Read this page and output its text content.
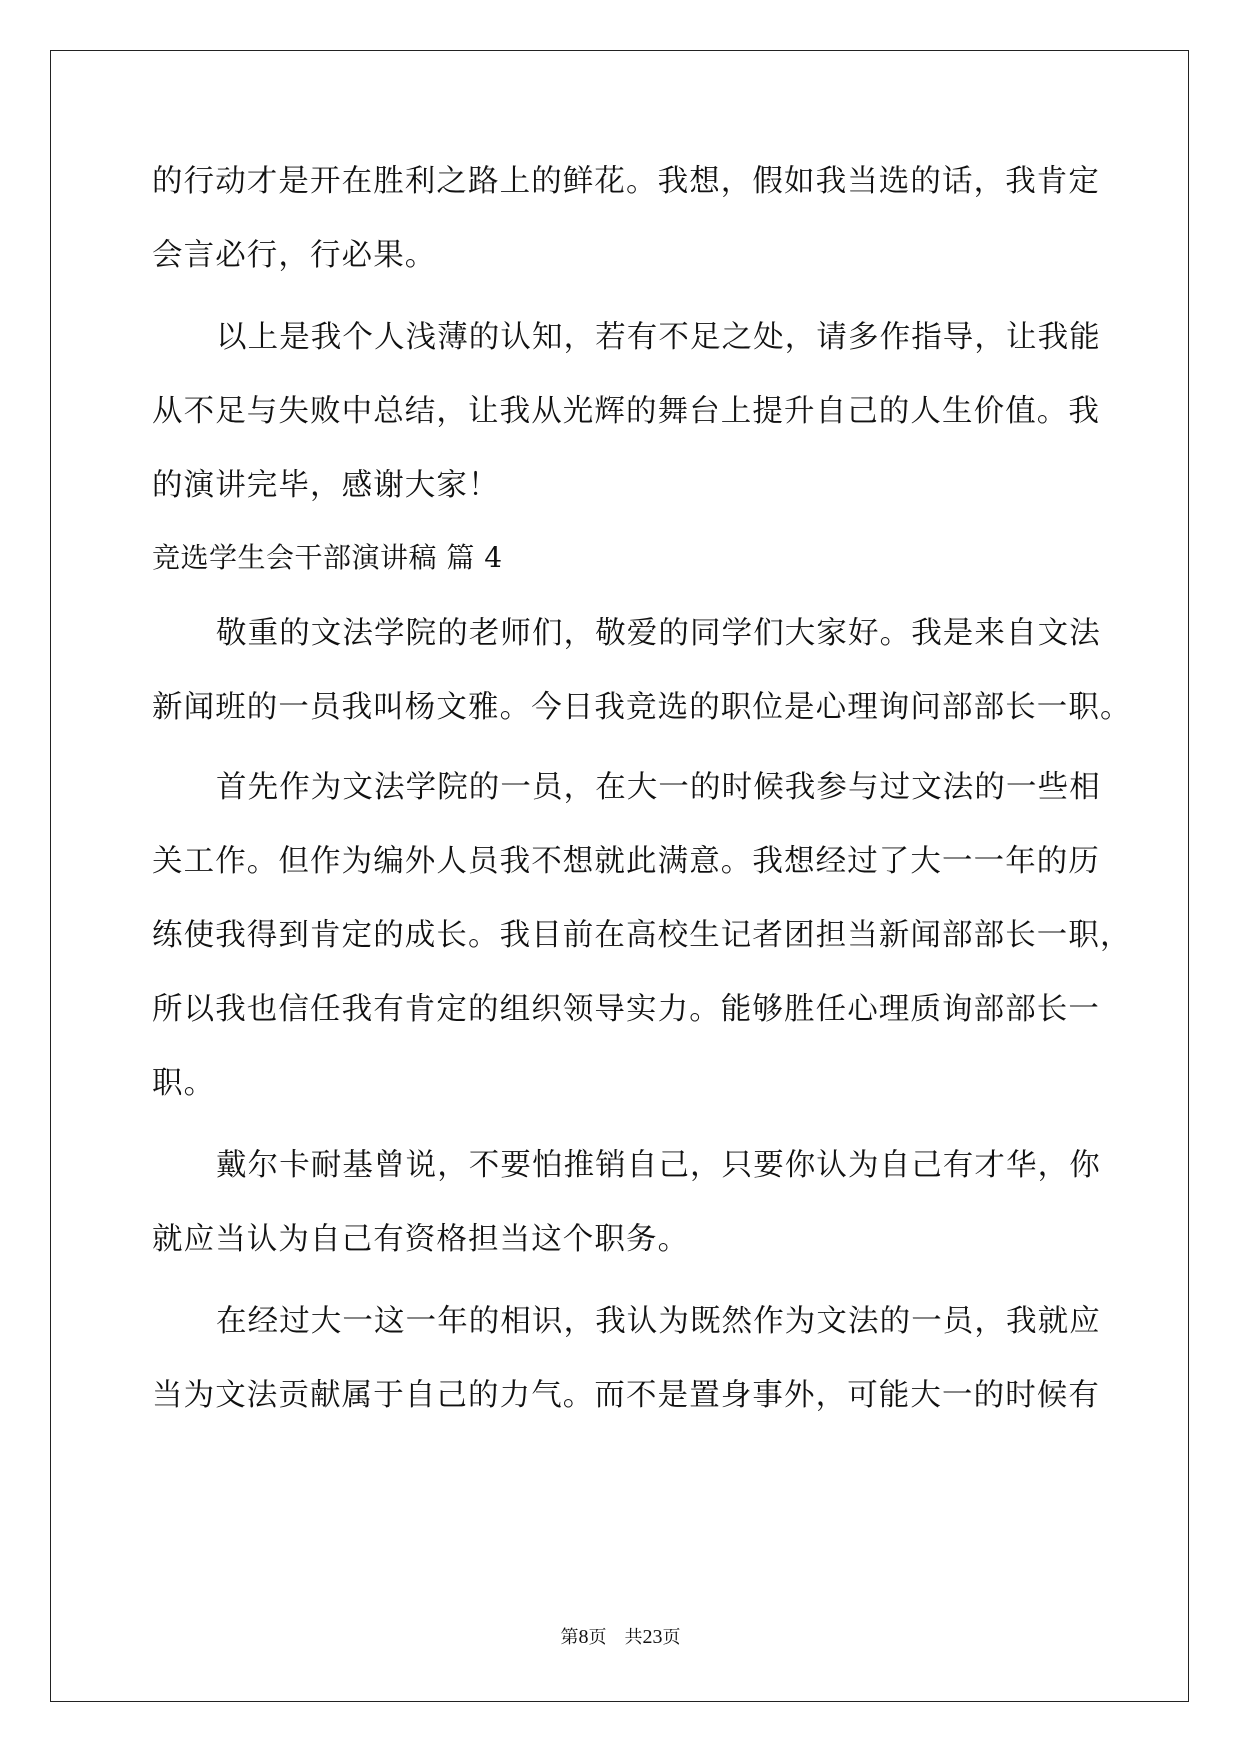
的行动才是开在胜利之路上的鲜花。我想，假如我当选的话，我肯定
会言必行，行必果。
以上是我个人浅薄的认知，若有不足之处，请多作指导，让我能
从不足与失败中总结，让我从光辉的舞台上提升自己的人生价值。我
的演讲完毕，感谢大家！
竞选学生会干部演讲稿 篇 4
敬重的文法学院的老师们，敬爱的同学们大家好。我是来自文法
新闻班的一员我叫杨文雅。今日我竞选的职位是心理询问部部长一职。
首先作为文法学院的一员，在大一的时候我参与过文法的一些相
关工作。但作为编外人员我不想就此满意。我想经过了大一一年的历
练使我得到肯定的成长。我目前在高校生记者团担当新闻部部长一职，
所以我也信任我有肯定的组织领导实力。能够胜任心理质询部部长一
职。
戴尔卡耐基曾说，不要怕推销自己，只要你认为自己有才华，你
就应当认为自己有资格担当这个职务。
在经过大一这一年的相识，我认为既然作为文法的一员，我就应
当为文法贡献属于自己的力气。而不是置身事外，可能大一的时候有
第8页 共23页
